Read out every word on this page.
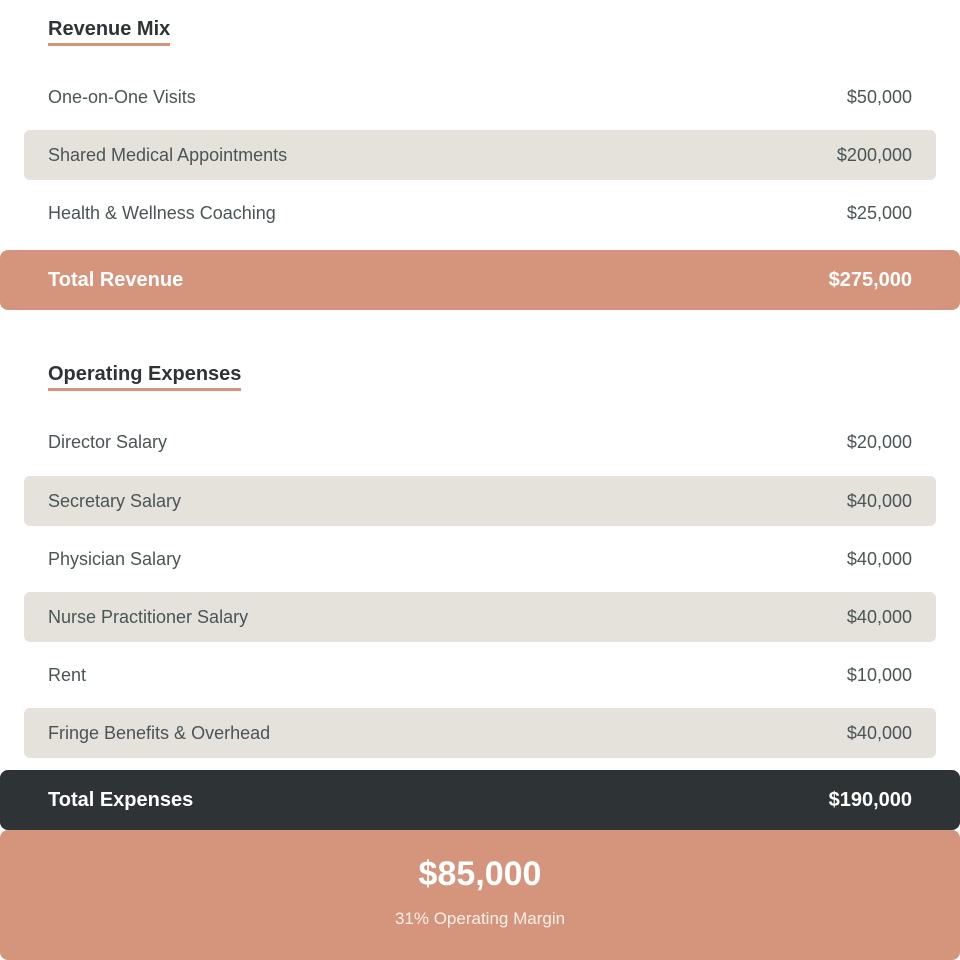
Revenue Mix
One-on-One Visits	$50,000
Shared Medical Appointments	$200,000
Health & Wellness Coaching	$25,000
Total Revenue	$275,000
Operating Expenses
Director Salary	$20,000
Secretary Salary	$40,000
Physician Salary	$40,000
Nurse Practitioner Salary	$40,000
Rent	$10,000
Fringe Benefits & Overhead	$40,000
Total Expenses	$190,000
$85,000
31% Operating Margin
